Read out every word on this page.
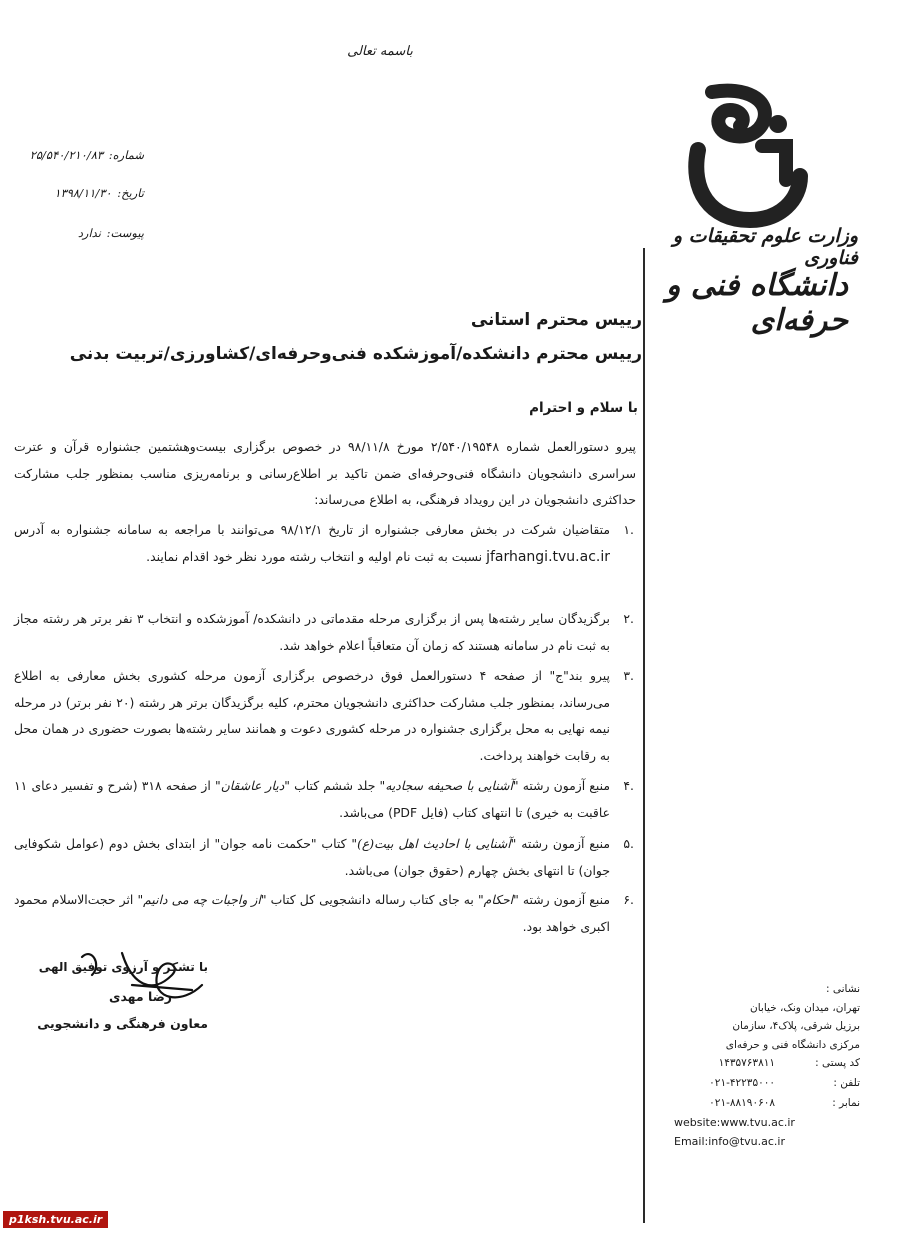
باسمه تعالی
شماره: ۲۵/۵۴۰/۲۱۰/۸۳
تاریخ: ۱۳۹۸/۱۱/۳۰
پیوست: ندارد	وزارت علوم تحقیقات و فناوری
دانشگاه فنی و حرفه‌ای
رییس محترم استانی
رییس محترم دانشکده/آموزشکده فنی‌وحرفه‌ای/کشاورزی/تربیت بدنی
با سلام و احترام
پیرو دستورالعمل شماره ۲/۵۴۰/۱۹۵۴۸ مورخ ۹۸/۱۱/۸ در خصوص برگزاری بیست‌وهشتمین جشنواره قرآن و عترت سراسری دانشجویان دانشگاه فنی‌وحرفه‌ای ضمن تاکید بر اطلاع‌رسانی و برنامه‌ریزی مناسب بمنظور جلب مشارکت حداکثری دانشجویان در این رویداد فرهنگی، به اطلاع می‌رساند:
.۱
متقاضیان شرکت در بخش معارفی جشنواره از تاریخ ۹۸/۱۲/۱ می‌توانند با مراجعه به سامانه جشنواره به آدرس jfarhangi.tvu.ac.ir نسبت به ثبت نام اولیه و انتخاب رشته مورد نظر خود اقدام نمایند.
.۲
برگزیدگان سایر رشته‌ها پس از برگزاری مرحله مقدماتی در دانشکده/ آموزشکده و انتخاب ۳ نفر برتر هر رشته مجاز به ثبت نام در سامانه هستند که زمان آن متعاقباً اعلام خواهد شد.
.۳
پیرو بند"ج" از صفحه ۴ دستورالعمل فوق درخصوص برگزاری آزمون مرحله کشوری بخش معارفی به اطلاع می‌رساند، بمنظور جلب مشارکت حداکثری دانشجویان محترم، کلیه برگزیدگان برتر هر رشته (۲۰ نفر برتر) در مرحله نیمه نهایی به محل برگزاری جشنواره در مرحله کشوری دعوت و همانند سایر رشته‌ها بصورت حضوری در همان محل به رقابت خواهند پرداخت.
.۴
منبع آزمون رشته "آشنایی با صحیفه سجادیه" جلد ششم کتاب "دیار عاشقان" از صفحه ۳۱۸ (شرح و تفسیر دعای ۱۱ عاقبت به خیری) تا انتهای کتاب (فایل PDF) می‌باشد.
.۵
منبع آزمون رشته "آشنایی با احادیث اهل بیت(ع)" کتاب "حکمت نامه جوان" از ابتدای بخش دوم (عوامل شکوفایی جوان) تا انتهای بخش چهارم (حقوق جوان) می‌باشد.
.۶
منبع آزمون رشته "احکام" به جای کتاب رساله دانشجویی کل کتاب "از واجبات چه می دانیم" اثر حجت‌الاسلام محمود اکبری خواهد بود.
با تشکر و آرزوی توفیق الهی
رضا مهدی
معاون فرهنگی و دانشجویی
نشانی :
تهران، میدان ونک، خیابان
برزیل شرقی، پلاک۴، سازمان
مرکزی دانشگاه فنی و حرفه‌ای
کد پستی :
۱۴۳۵۷۶۳۸۱۱
تلفن :
۰۲۱-۴۲۲۳۵۰۰۰
نمابر :
۰۲۱-۸۸۱۹۰۶۰۸
website:www.tvu.ac.ir
Email:info@tvu.ac.ir
p1ksh.tvu.ac.ir
